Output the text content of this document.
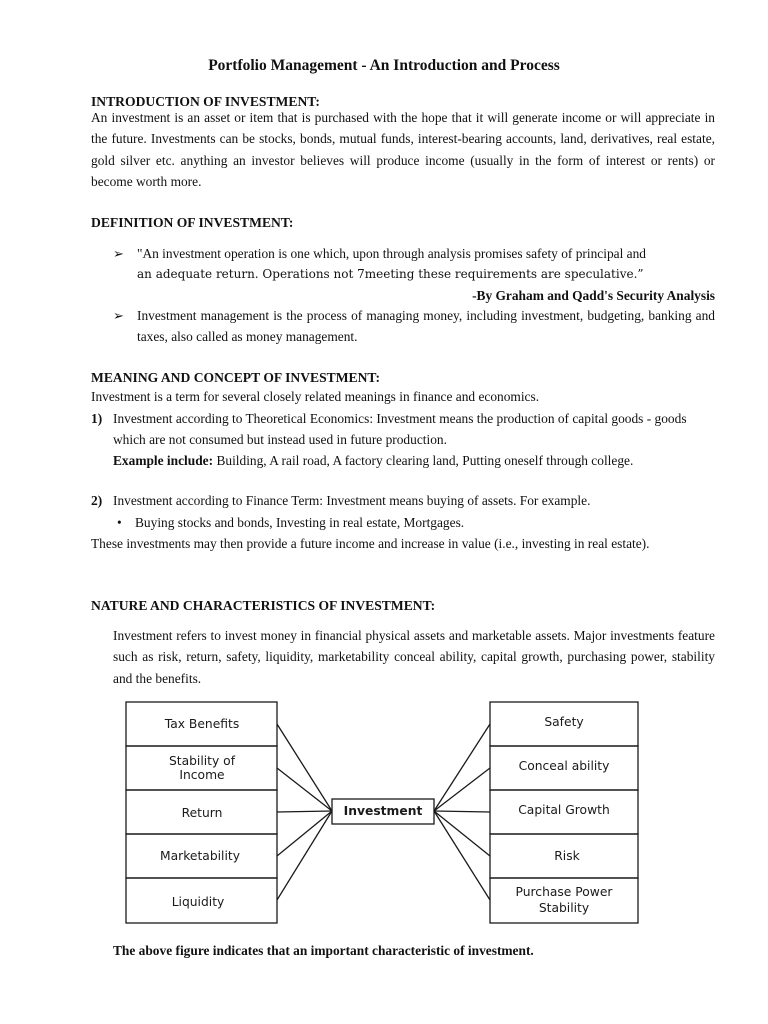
Portfolio Management - An Introduction and Process
INTRODUCTION OF INVESTMENT:
An investment is an asset or item that is purchased with the hope that it will generate income or will appreciate in the future. Investments can be stocks, bonds, mutual funds, interest-bearing accounts, land, derivatives, real estate, gold silver etc. anything an investor believes will produce income (usually in the form of interest or rents) or become worth more.
DEFINITION OF INVESTMENT:
➢ "An investment operation is one which, upon through analysis promises safety of principal and
an adequate return. Operations not 7meeting these requirements are speculative.”
-By Graham and Qadd's Security Analysis
➢ Investment management is the process of managing money, including investment, budgeting, banking and taxes, also called as money management.
MEANING AND CONCEPT OF INVESTMENT:
Investment is a term for several closely related meanings in finance and economics.
1) Investment according to Theoretical Economics: Investment means the production of capital goods - goods which are not consumed but instead used in future production.
Example include: Building, A rail road, A factory clearing land, Putting oneself through college.
2) Investment according to Finance Term: Investment means buying of assets. For example.
• Buying stocks and bonds, Investing in real estate, Mortgages.
These investments may then provide a future income and increase in value (i.e., investing in real estate).
NATURE AND CHARACTERISTICS OF INVESTMENT:
Investment refers to invest money in financial physical assets and marketable assets. Major investments feature such as risk, return, safety, liquidity, marketability conceal ability, capital growth, purchasing power, stability and the benefits.
Tax Benefits
Stability of
Income
Return
Marketability
Liquidity
Investment
Safety
Conceal ability
Capital Growth
Risk
Purchase Power
Stability
The above figure indicates that an important characteristic of investment.
